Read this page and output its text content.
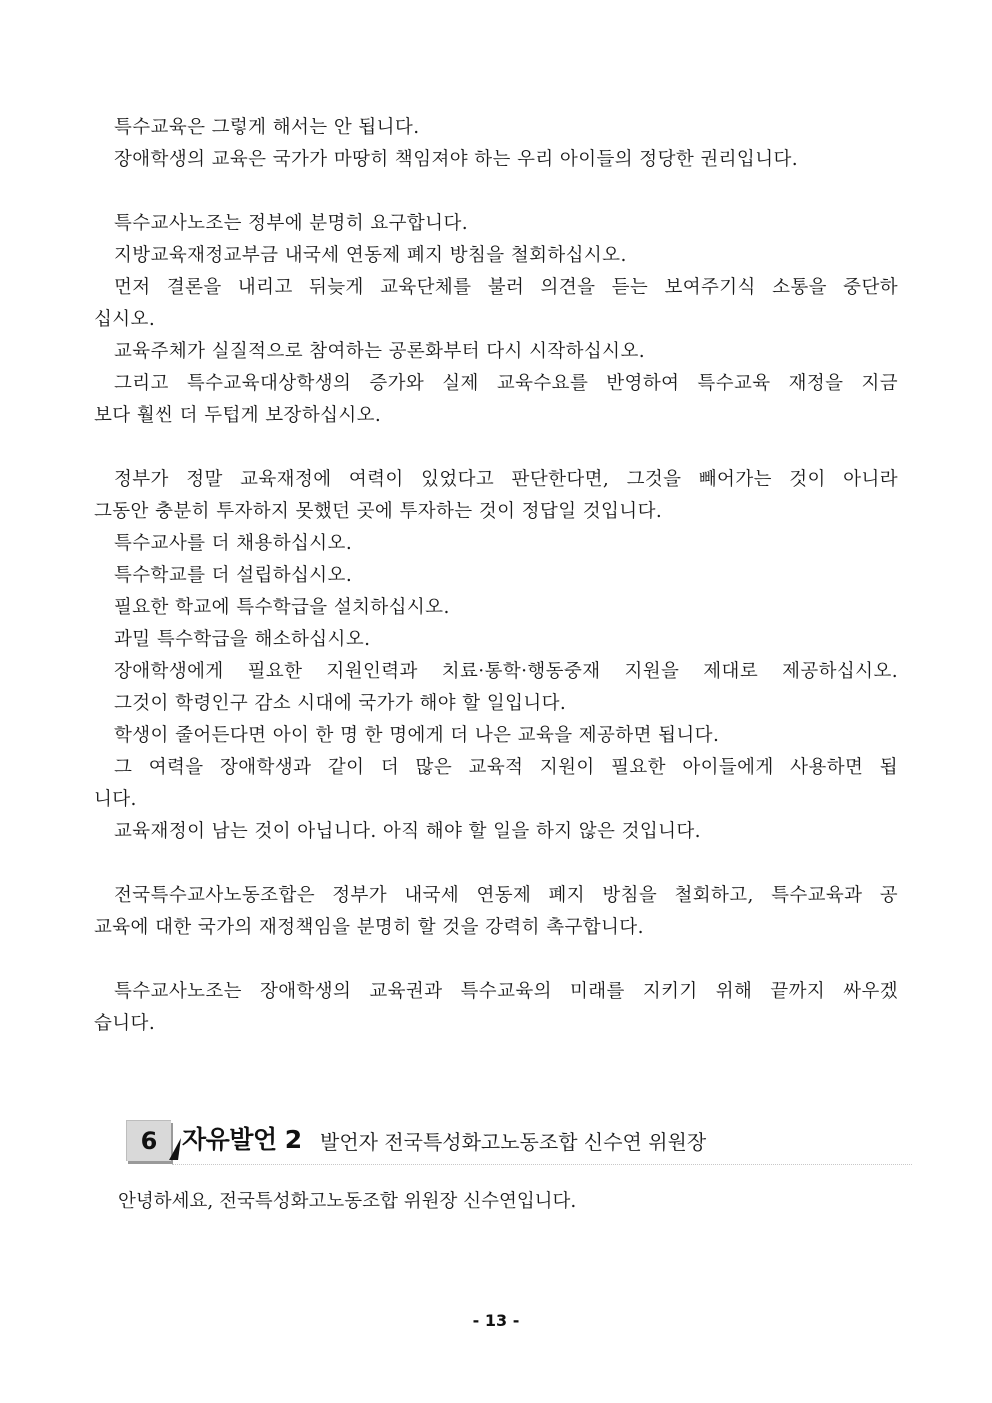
특수교육은 그렇게 해서는 안 됩니다.
장애학생의 교육은 국가가 마땅히 책임져야 하는 우리 아이들의 정당한 권리입니다.
특수교사노조는 정부에 분명히 요구합니다.
지방교육재정교부금 내국세 연동제 폐지 방침을 철회하십시오.
먼저 결론을 내리고 뒤늦게 교육단체를 불러 의견을 듣는 보여주기식 소통을 중단하
십시오.
교육주체가 실질적으로 참여하는 공론화부터 다시 시작하십시오.
그리고 특수교육대상학생의 증가와 실제 교육수요를 반영하여 특수교육 재정을 지금
보다 훨씬 더 두텁게 보장하십시오.
정부가 정말 교육재정에 여력이 있었다고 판단한다면, 그것을 빼어가는 것이 아니라
그동안 충분히 투자하지 못했던 곳에 투자하는 것이 정답일 것입니다.
특수교사를 더 채용하십시오.
특수학교를 더 설립하십시오.
필요한 학교에 특수학급을 설치하십시오.
과밀 특수학급을 해소하십시오.
장애학생에게 필요한 지원인력과 치료·통학·행동중재 지원을 제대로 제공하십시오.
그것이 학령인구 감소 시대에 국가가 해야 할 일입니다.
학생이 줄어든다면 아이 한 명 한 명에게 더 나은 교육을 제공하면 됩니다.
그 여력을 장애학생과 같이 더 많은 교육적 지원이 필요한 아이들에게 사용하면 됩
니다.
교육재정이 남는 것이 아닙니다. 아직 해야 할 일을 하지 않은 것입니다.
전국특수교사노동조합은 정부가 내국세 연동제 폐지 방침을 철회하고, 특수교육과 공
교육에 대한 국가의 재정책임을 분명히 할 것을 강력히 촉구합니다.
특수교사노조는 장애학생의 교육권과 특수교육의 미래를 지키기 위해 끝까지 싸우겠
습니다.
6 자유발언 2 발언자 전국특성화고노동조합 신수연 위원장
안녕하세요, 전국특성화고노동조합 위원장 신수연입니다.
- 13 -
